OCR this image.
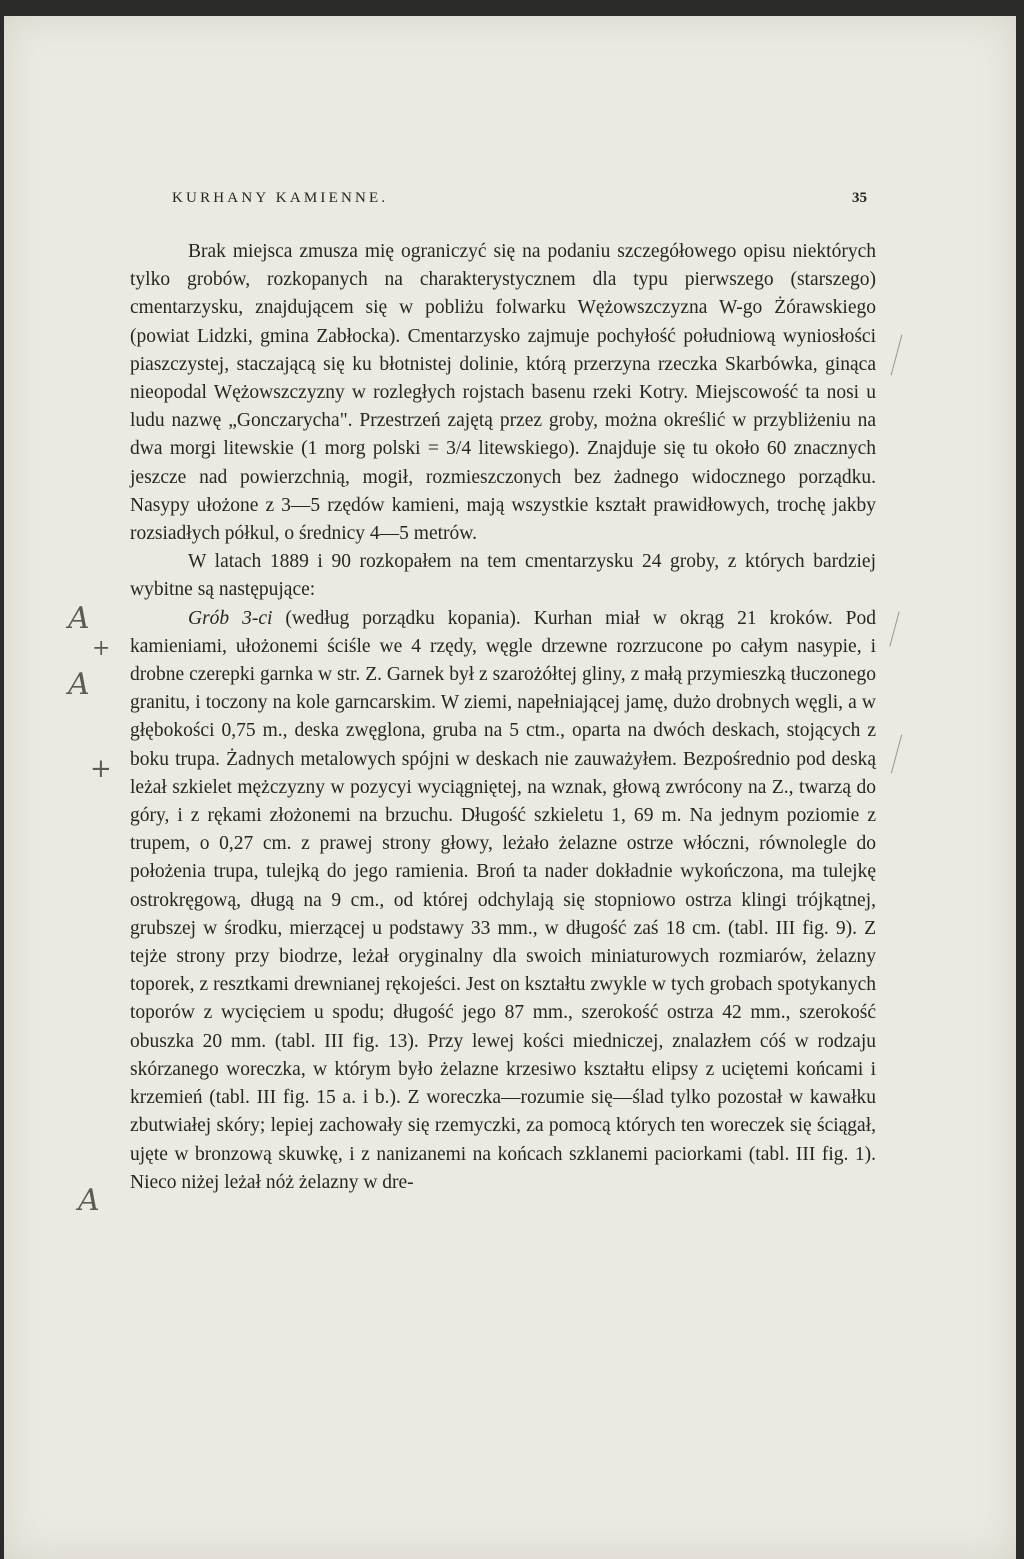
KURHANY KAMIENNE.	35

Brak miejsca zmusza mię ograniczyć się na podaniu szczegółowego opisu niektórych tylko grobów, rozkopanych na charakterystycznem dla typu pierwszego (starszego) cmentarzysku, znajdującem się w pobliżu folwarku Wężowszczyzna W-go Żórawskiego (powiat Lidzki, gmina Zabłocka). Cmentarzysko zajmuje pochyłość południową wyniosłości piaszczystej, staczającą się ku błotnistej dolinie, którą przerzyna rzeczka Skarbówka, ginąca nieopodal Wężowszczyzny w rozległych rojstach basenu rzeki Kotry. Miejscowość ta nosi u ludu nazwę „Gonczarycha". Przestrzeń zajętą przez groby, można określić w przybliżeniu na dwa morgi litewskie (1 morg polski = 3/4 litewskiego). Znajduje się tu około 60 znacznych jeszcze nad powierzchnią, mogił, rozmieszczonych bez żadnego widocznego porządku. Nasypy ułożone z 3—5 rzędów kamieni, mają wszystkie kształt prawidłowych, trochę jakby rozsiadłych półkul, o średnicy 4—5 metrów.

W latach 1889 i 90 rozkopałem na tem cmentarzysku 24 groby, z których bardziej wybitne są następujące:

Grób 3-ci (według porządku kopania). Kurhan miał w okrąg 21 kroków. Pod kamieniami, ułożonemi ściśle we 4 rzędy, węgle drzewne rozrzucone po całym nasypie, i drobne czerepki garnka w str. Z. Garnek był z szarożółtej gliny, z małą przymieszką tłuczonego granitu, i toczony na kole garncarskim. W ziemi, napełniającej jamę, dużo drobnych węgli, a w głębokości 0,75 m., deska zwęglona, gruba na 5 ctm., oparta na dwóch deskach, stojących z boku trupa. Żadnych metalowych spójni w deskach nie zauważyłem. Bezpośrednio pod deską leżał szkielet mężczyzny w pozycyi wyciągniętej, na wznak, głową zwrócony na Z., twarzą do góry, i z rękami złożonemi na brzuchu. Długość szkieletu 1, 69 m. Na jednym poziomie z trupem, o 0,27 cm. z prawej strony głowy, leżało żelazne ostrze włóczni, równolegle do położenia trupa, tulejką do jego ramienia. Broń ta nader dokładnie wykończona, ma tulejkę ostrokręgową, długą na 9 cm., od której odchylają się stopniowo ostrza klingi trójkątnej, grubszej w środku, mierzącej u podstawy 33 mm., w długość zaś 18 cm. (tabl. III fig. 9). Z tejże strony przy biodrze, leżał oryginalny dla swoich miniaturowych rozmiarów, żelazny toporek, z resztkami drewnianej rękojeści. Jest on kształtu zwykle w tych grobach spotykanych toporów z wycięciem u spodu; długość jego 87 mm., szerokość ostrza 42 mm., szerokość obuszka 20 mm. (tabl. III fig. 13). Przy lewej kości miedniczej, znalazłem cóś w rodzaju skórzanego woreczka, w którym było żelazne krzesiwo kształtu elipsy z uciętemi końcami i krzemień (tabl. III fig. 15 a. i b.). Z woreczka—rozumie się—ślad tylko pozostał w kawałku zbutwiałej skóry; lepiej zachowały się rzemyczki, za pomocą których ten woreczek się ściągał, ujęte w bronzową skuwkę, i z nanizanemi na końcach szklanemi paciorkami (tabl. III fig. 1). Nieco niżej leżał nóż żelazny w dre-

A
+
A
+
A
